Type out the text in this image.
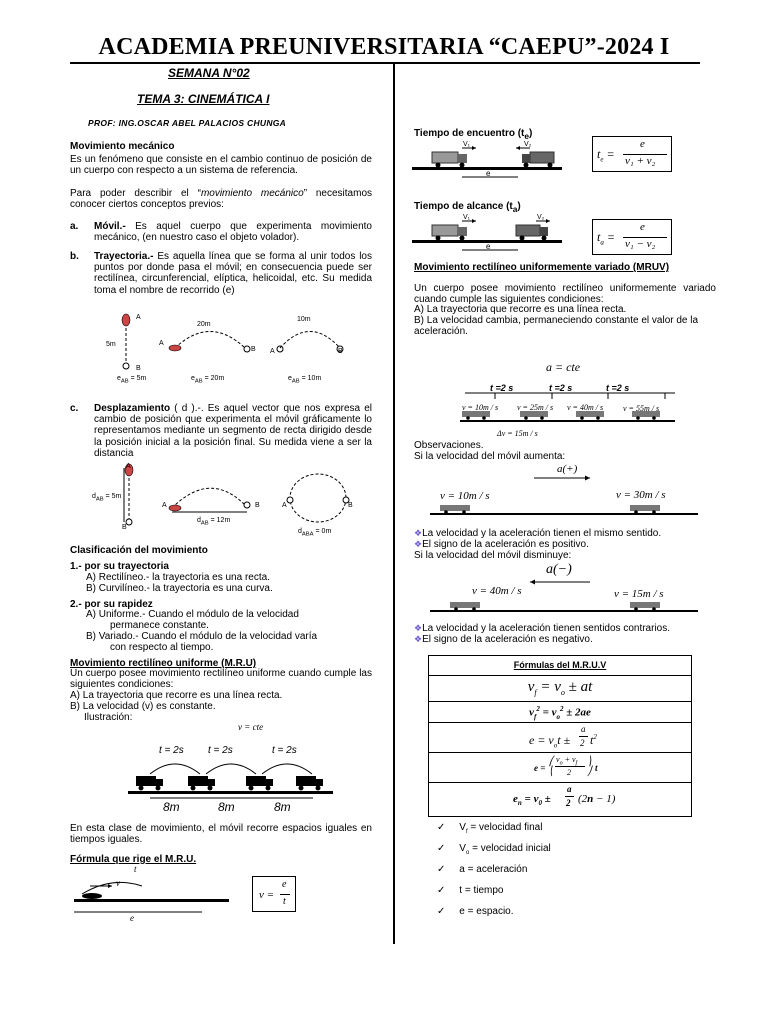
ACADEMIA PREUNIVERSITARIA “CAEPU”-2024 I
SEMANA N°02
TEMA 3: CINEMÁTICA I
PROF: ING.OSCAR ABEL PALACIOS CHUNGA
Movimiento mecánico
Es un fenómeno que consiste en el cambio continuo de posición de un cuerpo con respecto a un sistema de referencia.
Para poder describir el “movimiento mecánico” necesitamos conocer ciertos conceptos previos:
a. Móvil.- Es aquel cuerpo que experimenta movimiento mecánico, (en nuestro caso el objeto volador).
b. Trayectoria.- Es aquella línea que se forma al unir todos los puntos por donde pasa el móvil; en consecuencia puede ser rectilínea, circunferencial, elíptica, helicoidal, etc. Su medida toma el nombre de recorrido (e)
A
5m
B
20m
A
B
10m
A	B
$e_{AB} = 5m$	$e_{AB} = 20m$	$e_{AB} = 10m$
c. Desplazamiento ( d ).-. Es aquel vector que nos expresa el cambio de posición que experimenta el móvil gráficamente lo representamos mediante un segmento de recta dirigido desde la posición inicial a la posición final. Su medida viene a ser la distancia
A
$d_{AB} = 5m$
B
A	B
$d_{AB} = 12m$
A	B
$d_{ABA} = 0m$
Clasificación del movimiento
1.- por su trayectoria
A) Rectilíneo.- la trayectoria es una recta.
B) Curvilíneo.- la trayectoria es una curva.
2.- por su rapidez
A) Uniforme.- Cuando el módulo de la velocidad
permanece constante.
B) Variado.- Cuando el módulo de la velocidad varía
con respecto al tiempo.
Movimiento rectilíneo uniforme (M.R.U)
Un cuerpo posee movimiento rectilíneo uniforme cuando cumple las siguientes condiciones:
A) La trayectoria que recorre es una línea recta.
B) La velocidad (v) es constante.
Ilustración:
v = cte
t = 2s t = 2s	t = 2s
8m	8m	8m
En esta clase de movimiento, el móvil recorre espacios iguales en tiempos iguales.
Fórmula que rige el M.R.U.
t
v
e
v =
e
t
Tiempo de encuentro $(t_e)$
V₁	V₂
e
$t_e$ =
e
v₁ + v₂
Tiempo de alcance $(t_a)$
V₁	V₂
e
$t_a$ =
e
v₁ − v₂
Movimiento rectilíneo uniformemente variado (MRUV)
Un cuerpo posee movimiento rectilíneo uniformemente variado cuando cumple las siguientes condiciones:
A) La trayectoria que recorre es una línea recta.
B) La velocidad cambia, permaneciendo constante el valor de la aceleración.
a = cte
t =2 s	t =2 s	t =2 s
v = 10m / s v = 25m / s v = 40m / s v = 55m / s
Δv = 15m / s
Observaciones.
Si la velocidad del móvil aumenta:
a(+)
v = 10m / s	v = 30m / s
❖La velocidad y la aceleración tienen el mismo sentido.
❖El signo de la aceleración es positivo.
Si la velocidad del móvil disminuye:
a(−)
v = 40m / s	v = 15m / s
❖La velocidad y la aceleración tienen sentidos contrarios.
❖El signo de la aceleración es negativo.
Fórmulas del M.R.U.V
$v_f = v_o$ ± at
$v_f^2 = v_o^2 \pm 2ae$
$e = v_ot$ ±
a
2 $t^2$
e =
⎛
⎝
$v_o + v_f$
2
⎞
⎠ t
$e_n = v_0$ ±
a
2 (2n − 1)
✓ $V_f$ = velocidad final
✓ $V_o$ = velocidad inicial
✓ a = aceleración
✓ t = tiempo
✓ e = espacio.
